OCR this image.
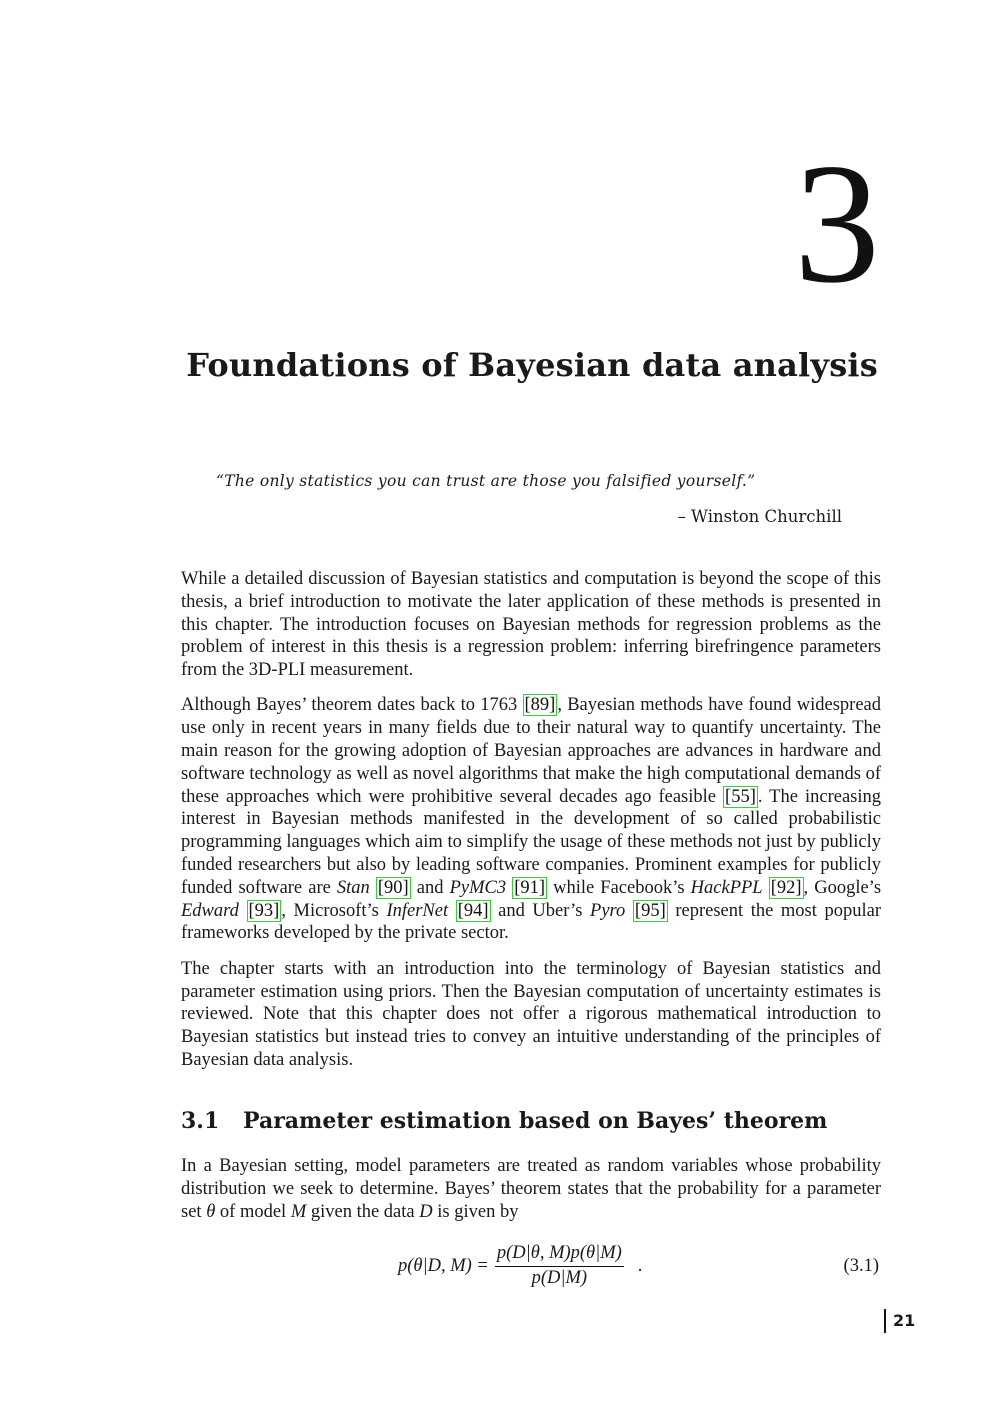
3
Foundations of Bayesian data analysis
“The only statistics you can trust are those you falsified yourself.”
– Winston Churchill

While a detailed discussion of Bayesian statistics and computation is beyond the scope of this thesis, a brief introduction to motivate the later application of these methods is presented in this chapter. The introduction focuses on Bayesian methods for regression problems as the problem of interest in this thesis is a regression problem: inferring birefringence parameters from the 3D-PLI measurement.

Although Bayes’ theorem dates back to 1763 [89] , Bayesian methods have found widespread use only in recent years in many fields due to their natural way to quantify uncertainty. The main reason for the growing adoption of Bayesian approaches are advances in hardware and software technology as well as novel algorithms that make the high computational demands of these approaches which were prohibitive several decades ago feasible [55] . The increasing interest in Bayesian methods manifested in the development of so called probabilistic programming languages which aim to simplify the usage of these methods not just by publicly funded researchers but also by leading software companies. Prominent examples for publicly funded software are Stan [90] and PyMC3 [91] while Facebook’s HackPPL [92] , Google’s Edward [93] , Microsoft’s InferNet [94] and Uber’s Pyro [95] represent the most popular frameworks developed by the private sector.

The chapter starts with an introduction into the terminology of Bayesian statistics and parameter estimation using priors. Then the Bayesian computation of uncertainty estimates is reviewed. Note that this chapter does not offer a rigorous mathematical introduction to Bayesian statistics but instead tries to convey an intuitive understanding of the principles of Bayesian data analysis.

3.1 Parameter estimation based on Bayes’ theorem

In a Bayesian setting, model parameters are treated as random variables whose probability distribution we seek to determine. Bayes’ theorem states that the probability for a parameter set θ of model M given the data D is given by

p(θ|D, $M) = \frac{p(D|\theta, M)p(\theta|M)}{p(D|M)}$ .	(3.1)
21
